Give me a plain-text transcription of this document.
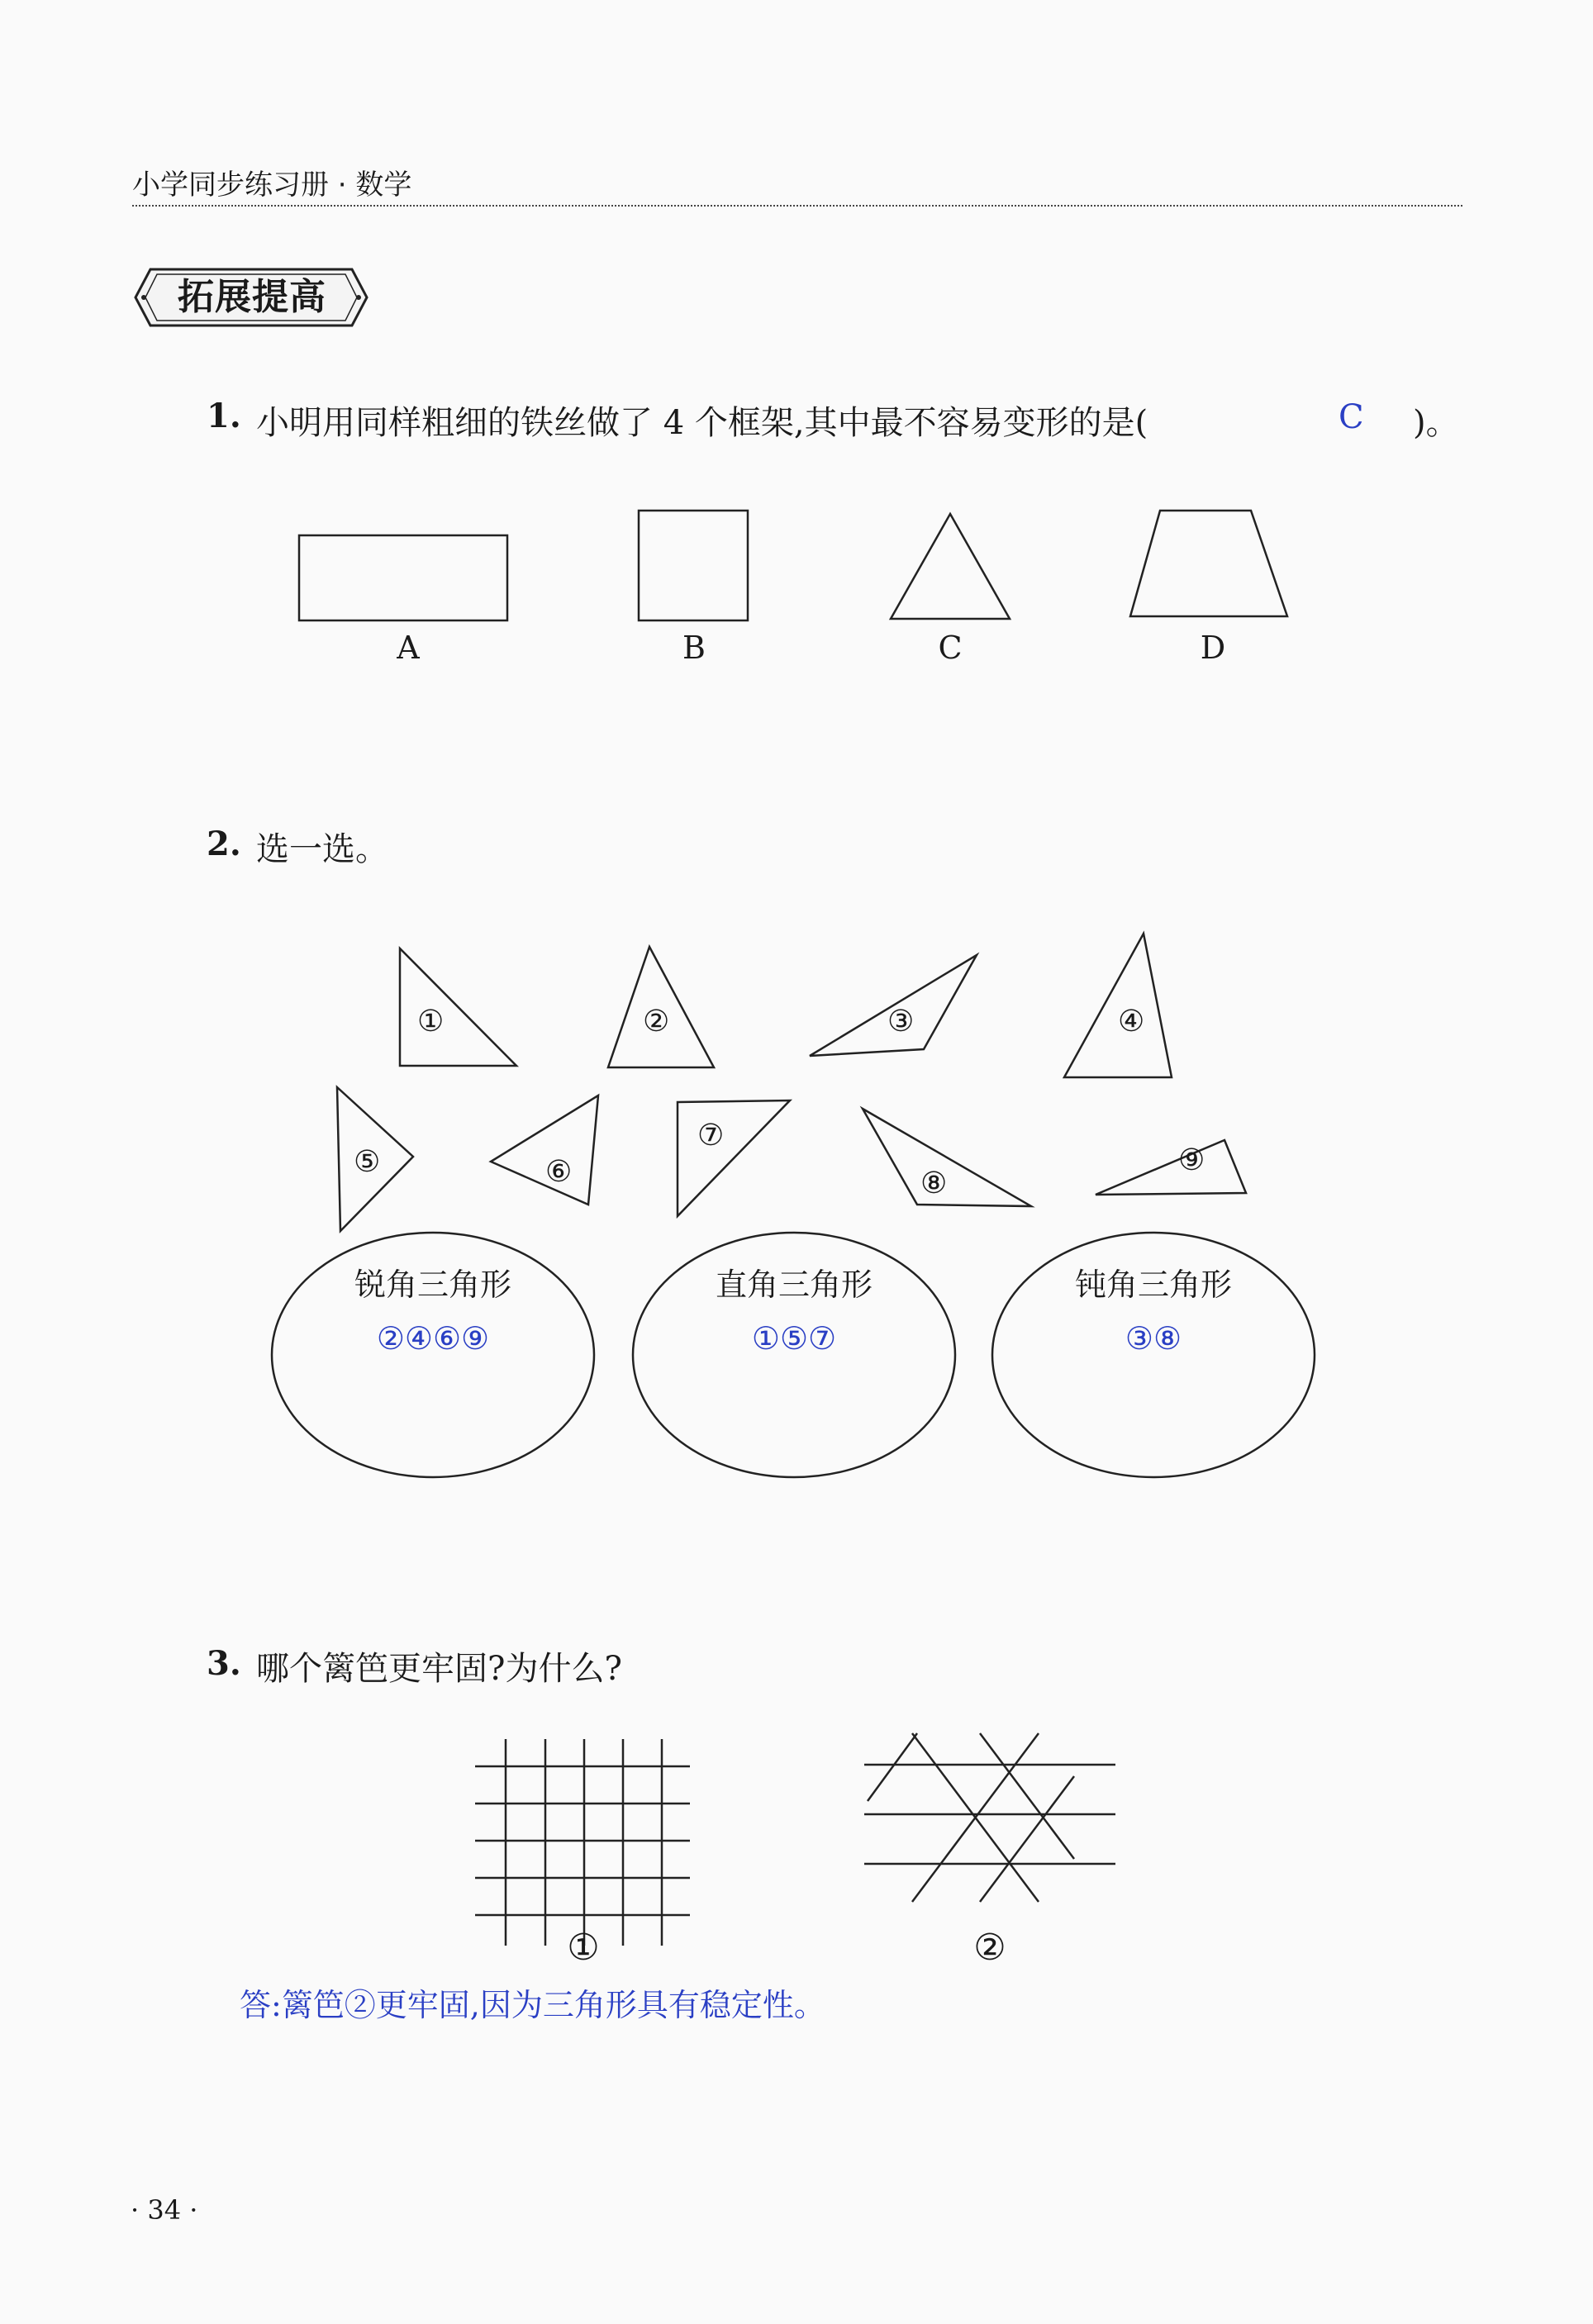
小学同步练习册 · 数学
拓展提高
1. 小明用同样粗细的铁丝做了 4 个框架,其中最不容易变形的是(	C )。
A	B	C	D
2. 选一选。
①	②	③	④
⑤	⑥
⑦
⑧
⑨
锐角三角形
②④⑥⑨
直角三角形
①⑤⑦
钝角三角形
③⑧
3. 哪个篱笆更牢固?为什么?
①	②
答:篱笆②更牢固,因为三角形具有稳定性。
· 34 ·
